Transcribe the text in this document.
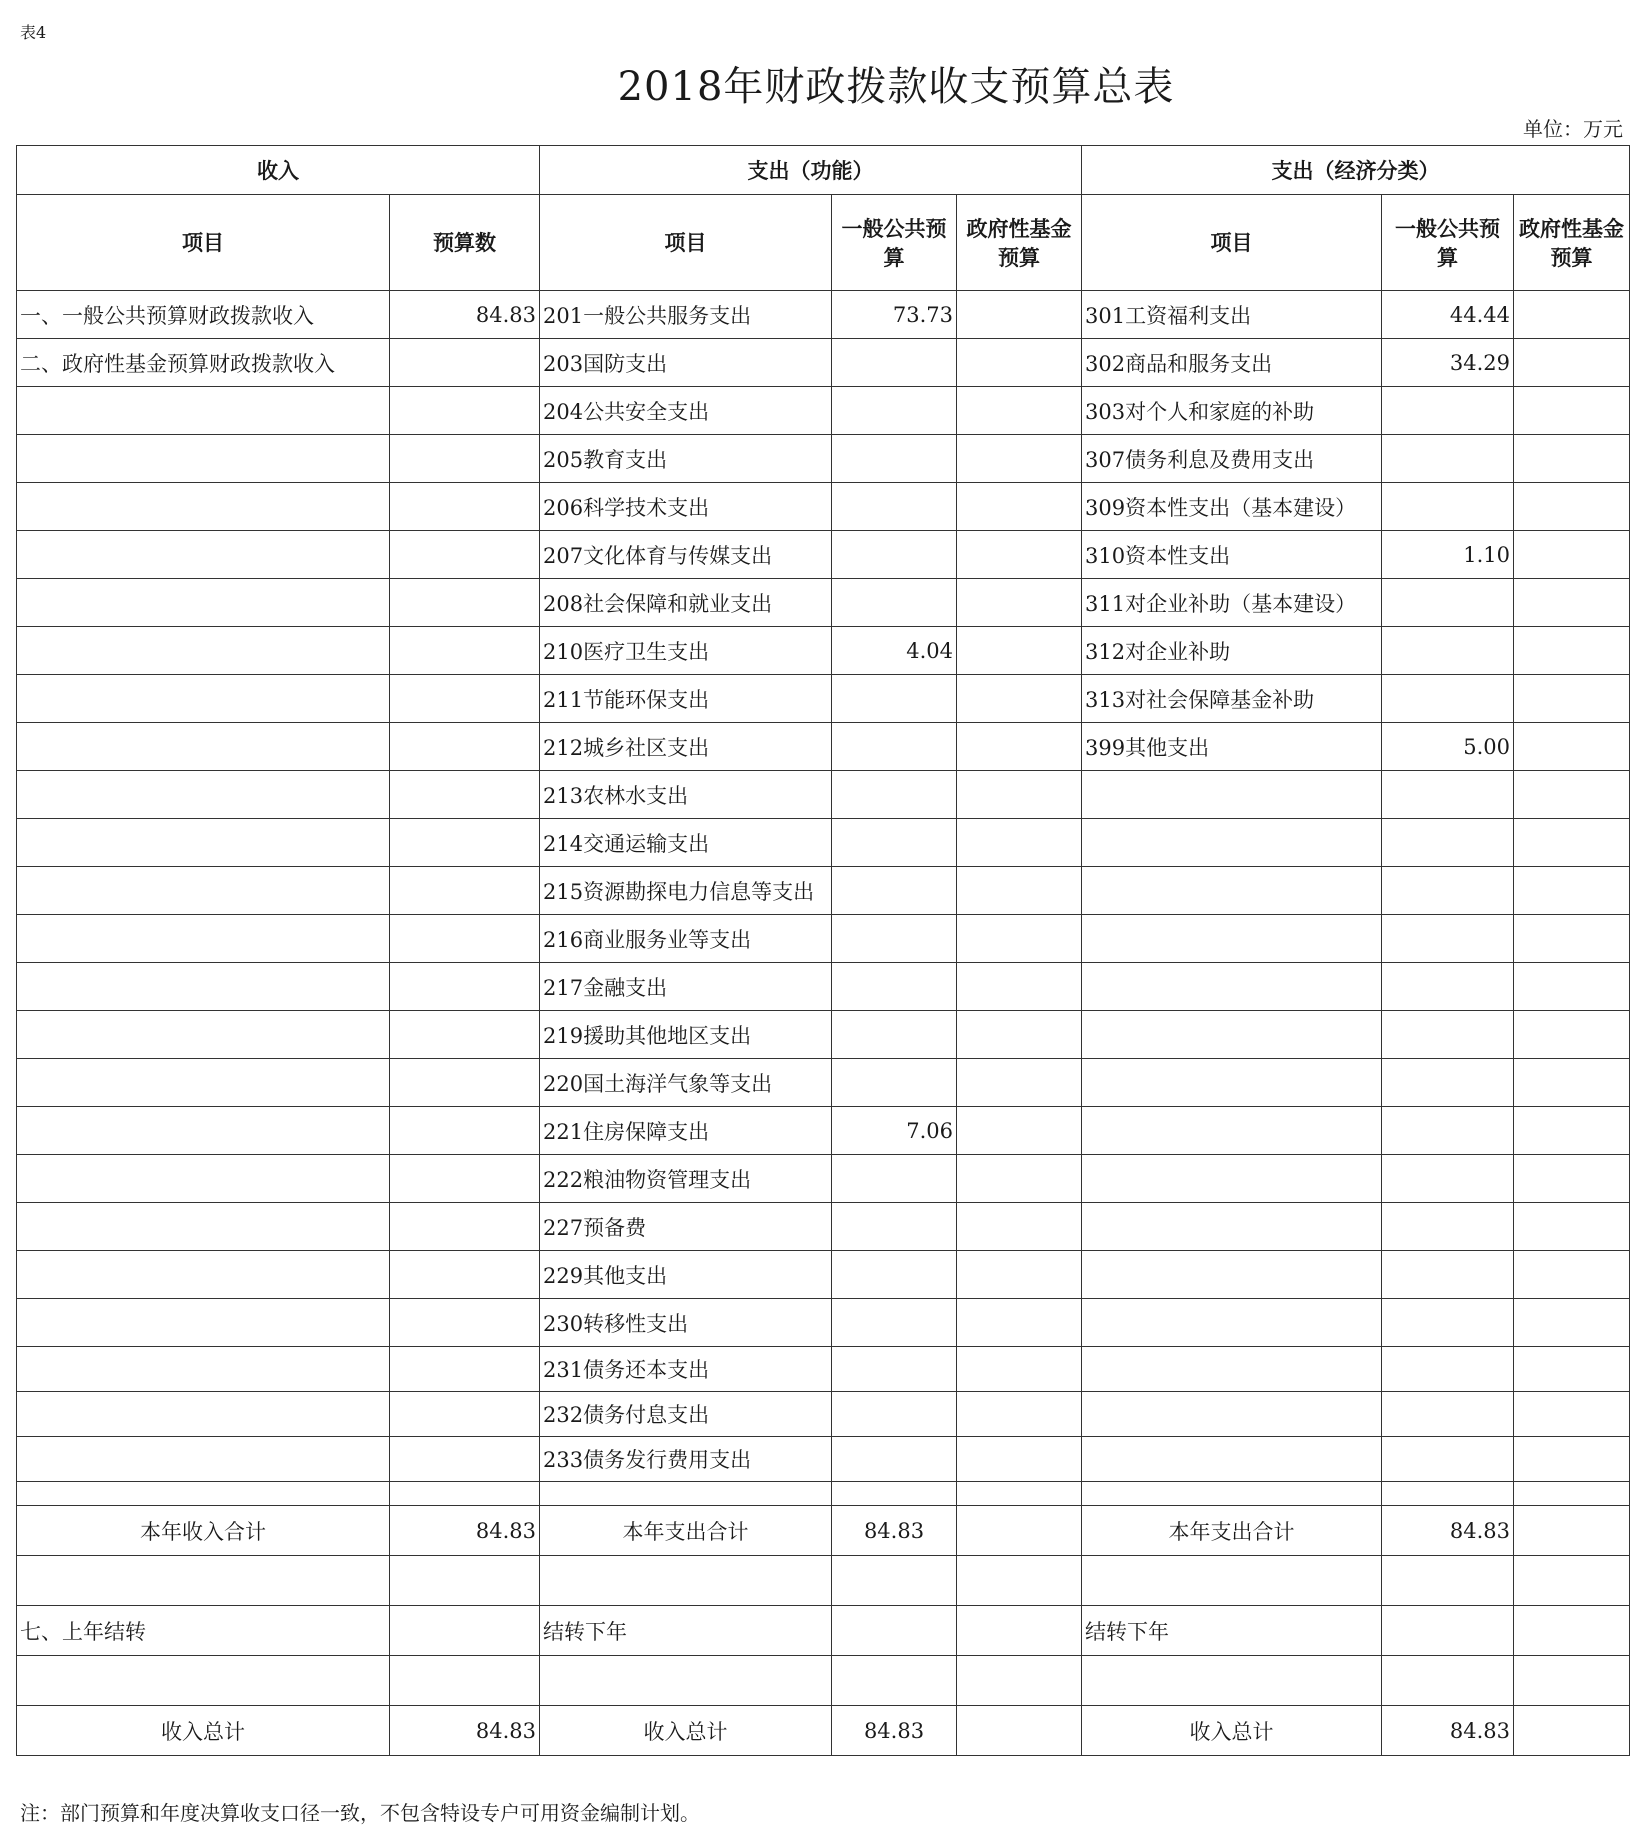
表4
2018年财政拨款收支预算总表
单位：万元
收入		支出（功能）			支出（经济分类）		
项目	预算数	项目	一般公共预算	政府性基金预算	项目	一般公共预算	政府性基金预算
一、一般公共预算财政拨款收入	84.83	201一般公共服务支出	73.73		301工资福利支出	44.44	
二、政府性基金预算财政拨款收入		203国防支出			302商品和服务支出	34.29	
		204公共安全支出			303对个人和家庭的补助		
		205教育支出			307债务利息及费用支出		
		206科学技术支出			309资本性支出（基本建设）		
		207文化体育与传媒支出			310资本性支出	1.10	
		208社会保障和就业支出			311对企业补助（基本建设）		
		210医疗卫生支出	4.04		312对企业补助		
		211节能环保支出			313对社会保障基金补助		
		212城乡社区支出			399其他支出	5.00	
		213农林水支出					
		214交通运输支出					
		215资源勘探电力信息等支出					
		216商业服务业等支出					
		217金融支出					
		219援助其他地区支出					
		220国土海洋气象等支出					
		221住房保障支出	7.06				
		222粮油物资管理支出					
		227预备费					
		229其他支出					
		230转移性支出					
		231债务还本支出					
		232债务付息支出					
		233债务发行费用支出					

本年收入合计	84.83	本年支出合计	84.83		本年支出合计	84.83	

七、上年结转		结转下年			结转下年		

收入总计	84.83	收入总计	84.83		收入总计	84.83	
注：部门预算和年度决算收支口径一致，不包含特设专户可用资金编制计划。
